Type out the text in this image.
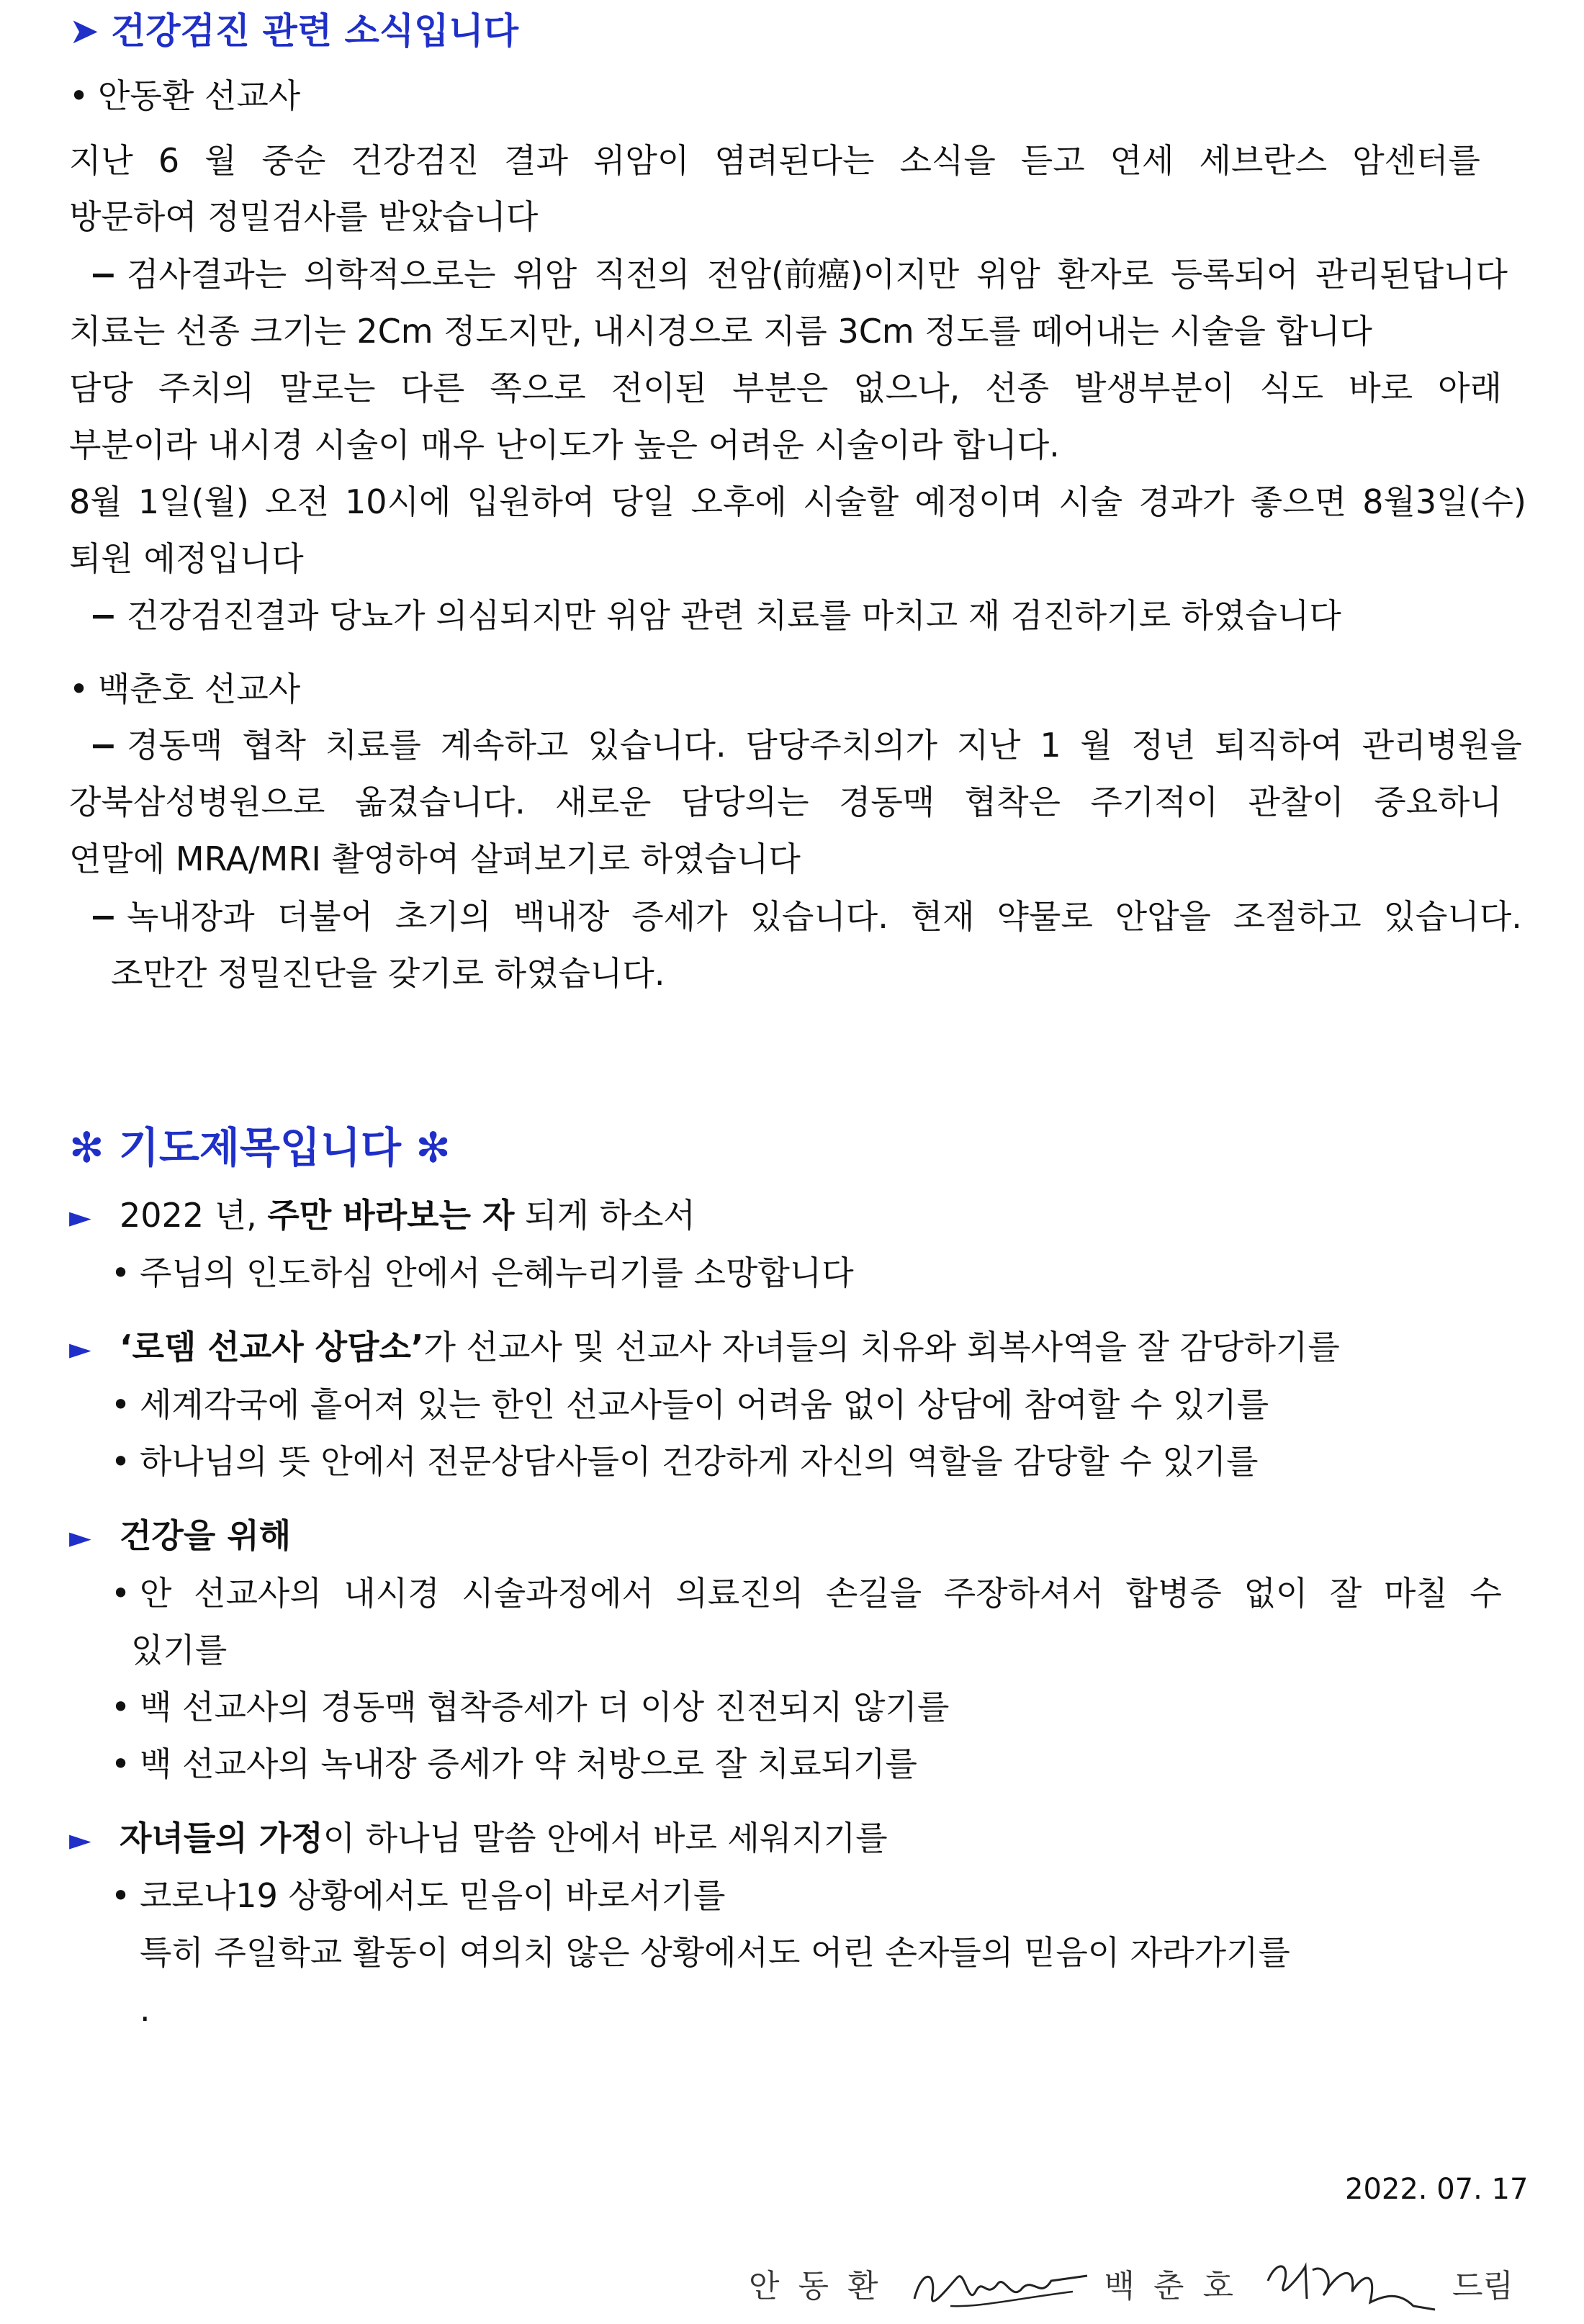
➤ 건강검진 관련 소식입니다
• 안동환 선교사
지난 6 월 중순 건강검진 결과 위암이 염려된다는 소식을 듣고 연세 세브란스 암센터를
방문하여 정밀검사를 받았습니다
− 검사결과는 의학적으로는 위암 직전의 전암(前癌)이지만 위암 환자로 등록되어 관리된답니다
치료는 선종 크기는 2Cm 정도지만, 내시경으로 지름 3Cm 정도를 떼어내는 시술을 합니다
담당 주치의 말로는 다른 쪽으로 전이된 부분은 없으나, 선종 발생부분이 식도 바로 아래
부분이라 내시경 시술이 매우 난이도가 높은 어려운 시술이라 합니다.
8월 1일(월) 오전 10시에 입원하여 당일 오후에 시술할 예정이며 시술 경과가 좋으면 8월3일(수)
퇴원 예정입니다
− 건강검진결과 당뇨가 의심되지만 위암 관련 치료를 마치고 재 검진하기로 하였습니다
• 백춘호 선교사
− 경동맥 협착 치료를 계속하고 있습니다. 담당주치의가 지난 1 월 정년 퇴직하여 관리병원을
강북삼성병원으로 옮겼습니다. 새로운 담당의는 경동맥 협착은 주기적이 관찰이 중요하니
연말에 MRA/MRI 촬영하여 살펴보기로 하였습니다
− 녹내장과 더불어 초기의 백내장 증세가 있습니다. 현재 약물로 안압을 조절하고 있습니다.
조만간 정밀진단을 갖기로 하였습니다.
✻ 기도제목입니다 ✻
► 2022 년, 주만 바라보는 자 되게 하소서
• 주님의 인도하심 안에서 은혜누리기를 소망합니다
► ‘로뎀 선교사 상담소’가 선교사 및 선교사 자녀들의 치유와 회복사역을 잘 감당하기를
• 세계각국에 흩어져 있는 한인 선교사들이 어려움 없이 상담에 참여할 수 있기를
• 하나님의 뜻 안에서 전문상담사들이 건강하게 자신의 역할을 감당할 수 있기를
► 건강을 위해
• 안 선교사의 내시경 시술과정에서 의료진의 손길을 주장하셔서 합병증 없이 잘 마칠 수
있기를
• 백 선교사의 경동맥 협착증세가 더 이상 진전되지 않기를
• 백 선교사의 녹내장 증세가 약 처방으로 잘 치료되기를
► 자녀들의 가정이 하나님 말씀 안에서 바로 세워지기를
• 코로나19 상황에서도 믿음이 바로서기를
특히 주일학교 활동이 여의치 않은 상황에서도 어린 손자들의 믿음이 자라가기를
.
2022. 07. 17
안동환	백춘호	드림
